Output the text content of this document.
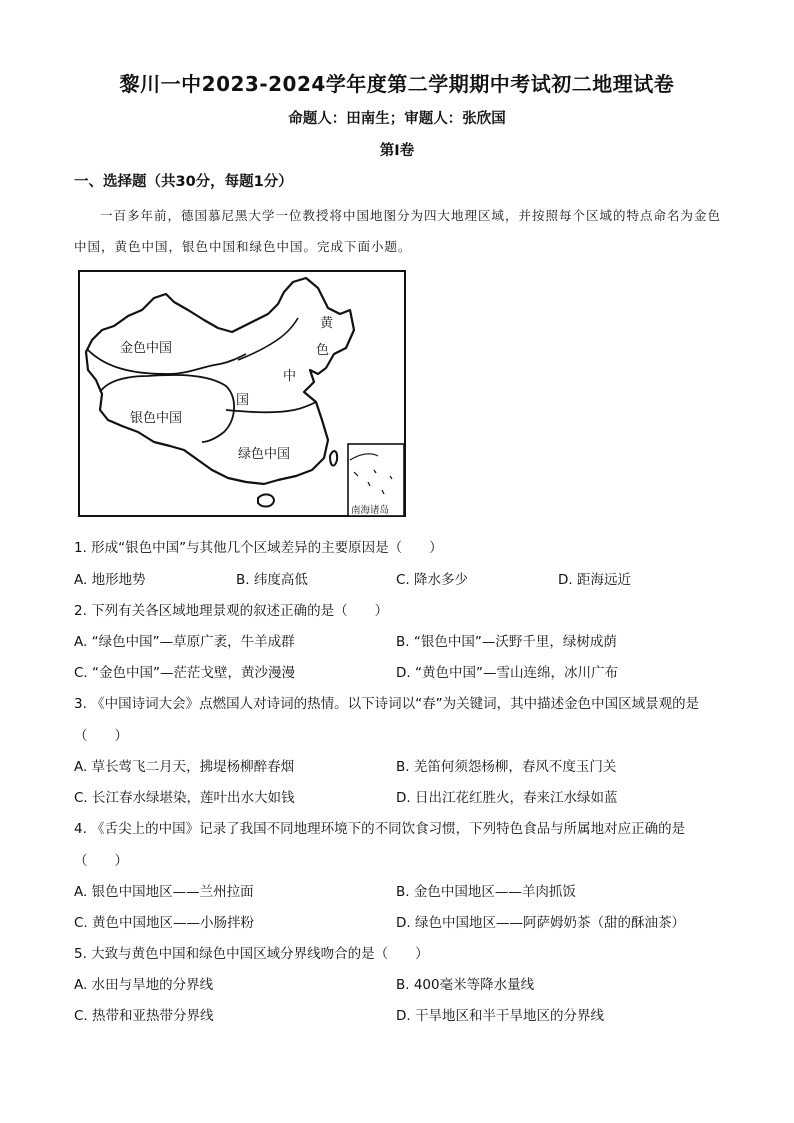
黎川一中2023-2024学年度第二学期期中考试初二地理试卷
命题人：田南生；审题人：张欣国
第Ⅰ卷
一、选择题（共30分，每题1分）
一百多年前，德国慕尼黑大学一位教授将中国地图分为四大地理区域，并按照每个区域的特点命名为金色中国，黄色中国，银色中国和绿色中国。完成下面小题。
金色中国
银色中国
绿色中国
黄
色
中
国
南海诸岛
1. 形成“银色中国”与其他几个区域差异的主要原因是（　　）
A. 地形地势	B. 纬度高低	C. 降水多少	D. 距海远近
2. 下列有关各区域地理景观的叙述正确的是（　　）
A. “绿色中国”—草原广袤，牛羊成群	B. “银色中国”—沃野千里，绿树成荫
C. “金色中国”—茫茫戈壁，黄沙漫漫	D. “黄色中国”—雪山连绵，冰川广布
3. 《中国诗词大会》点燃国人对诗词的热情。以下诗词以“春”为关键词，其中描述金色中国区域景观的是
（　　）
A. 草长莺飞二月天，拂堤杨柳醉春烟	B. 羌笛何须怨杨柳，春风不度玉门关
C. 长江春水绿堪染，莲叶出水大如钱	D. 日出江花红胜火，春来江水绿如蓝
4. 《舌尖上的中国》记录了我国不同地理环境下的不同饮食习惯，下列特色食品与所属地对应正确的是
（　　）
A. 银色中国地区——兰州拉面	B. 金色中国地区——羊肉抓饭
C. 黄色中国地区——小肠拌粉	D. 绿色中国地区——阿萨姆奶茶（甜的酥油茶）
5. 大致与黄色中国和绿色中国区域分界线吻合的是（　　）
A. 水田与旱地的分界线	B. 400毫米等降水量线
C. 热带和亚热带分界线	D. 干旱地区和半干旱地区的分界线
